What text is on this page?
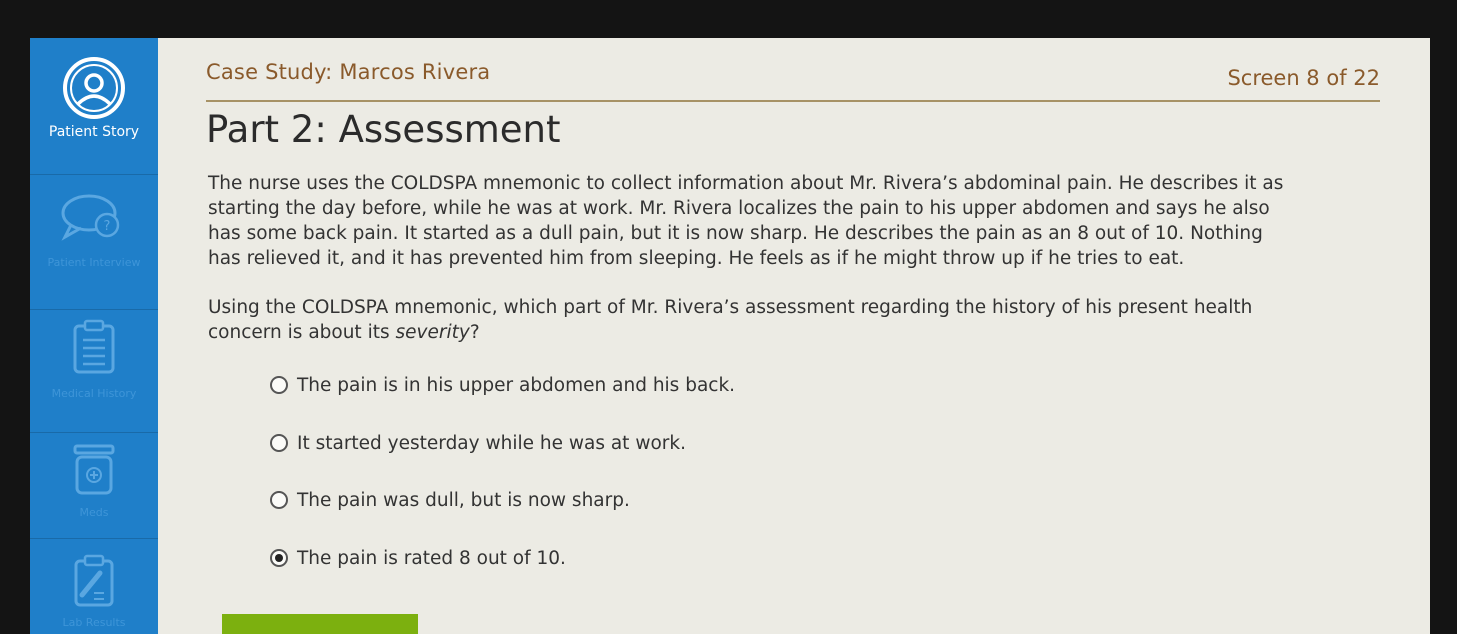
Patient Story
?
Patient Interview
Medical History
Meds
Lab Results
Case Study: Marcos Rivera	Screen 8 of 22
Part 2: Assessment

The nurse uses the COLDSPA mnemonic to collect information about Mr. Rivera’s abdominal pain. He describes it as starting the day before, while he was at work. Mr. Rivera localizes the pain to his upper abdomen and says he also has some back pain. It started as a dull pain, but it is now sharp. He describes the pain as an 8 out of 10. Nothing has relieved it, and it has prevented him from sleeping. He feels as if he might throw up if he tries to eat.

Using the COLDSPA mnemonic, which part of Mr. Rivera’s assessment regarding the history of his present health concern is about its severity?

The pain is in his upper abdomen and his back.
It started yesterday while he was at work.
The pain was dull, but is now sharp.
The pain is rated 8 out of 10.
